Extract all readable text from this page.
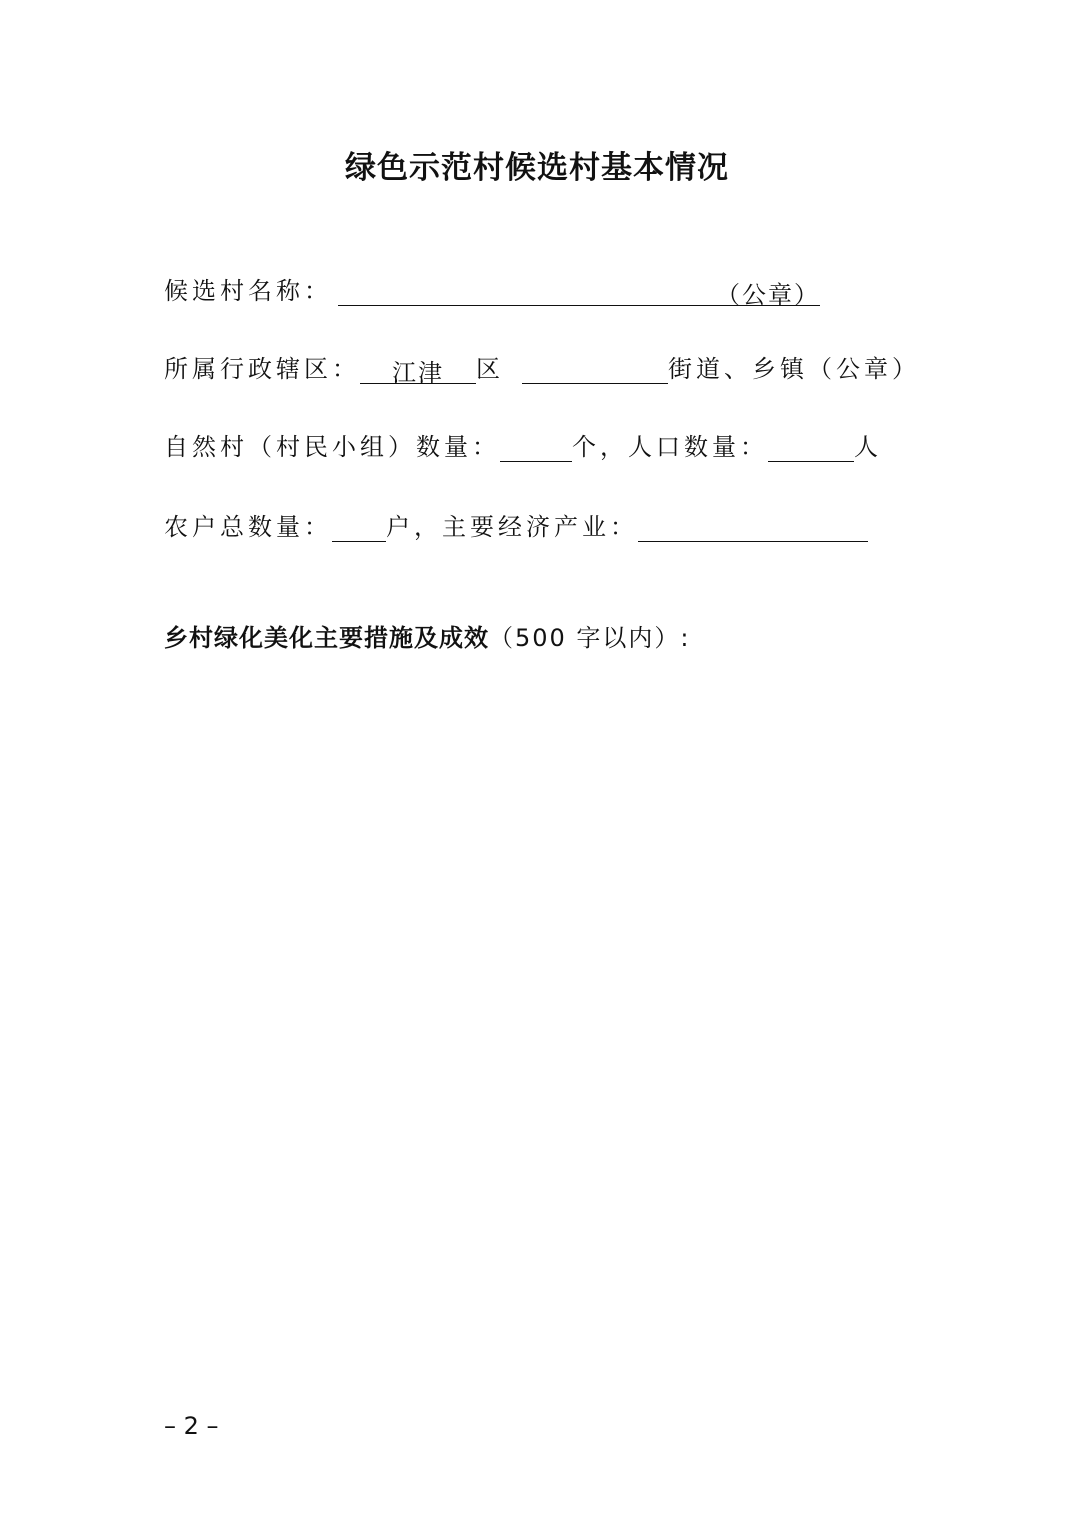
绿色示范村候选村基本情况
候选村名称：	（公章）
所属行政辖区：	江津	区	街道、乡镇（公章）
自然村（村民小组）数量：	个，人口数量：	人
农户总数量： 户，主要经济产业：
乡村绿化美化主要措施及成效（500 字以内）:
– 2 –
